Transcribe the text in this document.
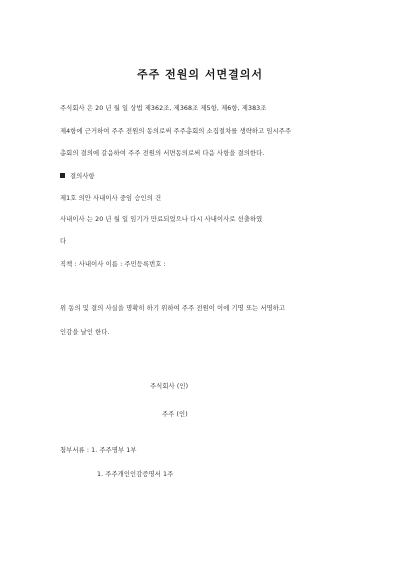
주주 전원의 서면결의서
주식회사 은 20 년 월 일 상법 제362조, 제368조 제5항, 제6항, 제383조
제4항에 근거하여 주주 전원의 동의로써 주주총회의 소집절차를 생략하고 임시주주
총회의 결의에 갈음하여 주주 전원의 서면동의로써 다음 사항을 결의한다.
결의사항
제1호 의안 사내이사 중임 승인의 건
사내이사 는 20 년 월 일 임기가 만료되었으나 다시 사내이사로 선출하였
다
직책 : 사내이사 이름 : 주민등록번호 :
위 동의 및 결의 사실을 명확히 하기 위하여 주주 전원이 이에 기명 또는 서명하고
인감을 날인 한다.
주식회사 (인)
주주 (인)
첨부서류 : 1. 주주명부 1부
1. 주주개인인감증명서 1주
